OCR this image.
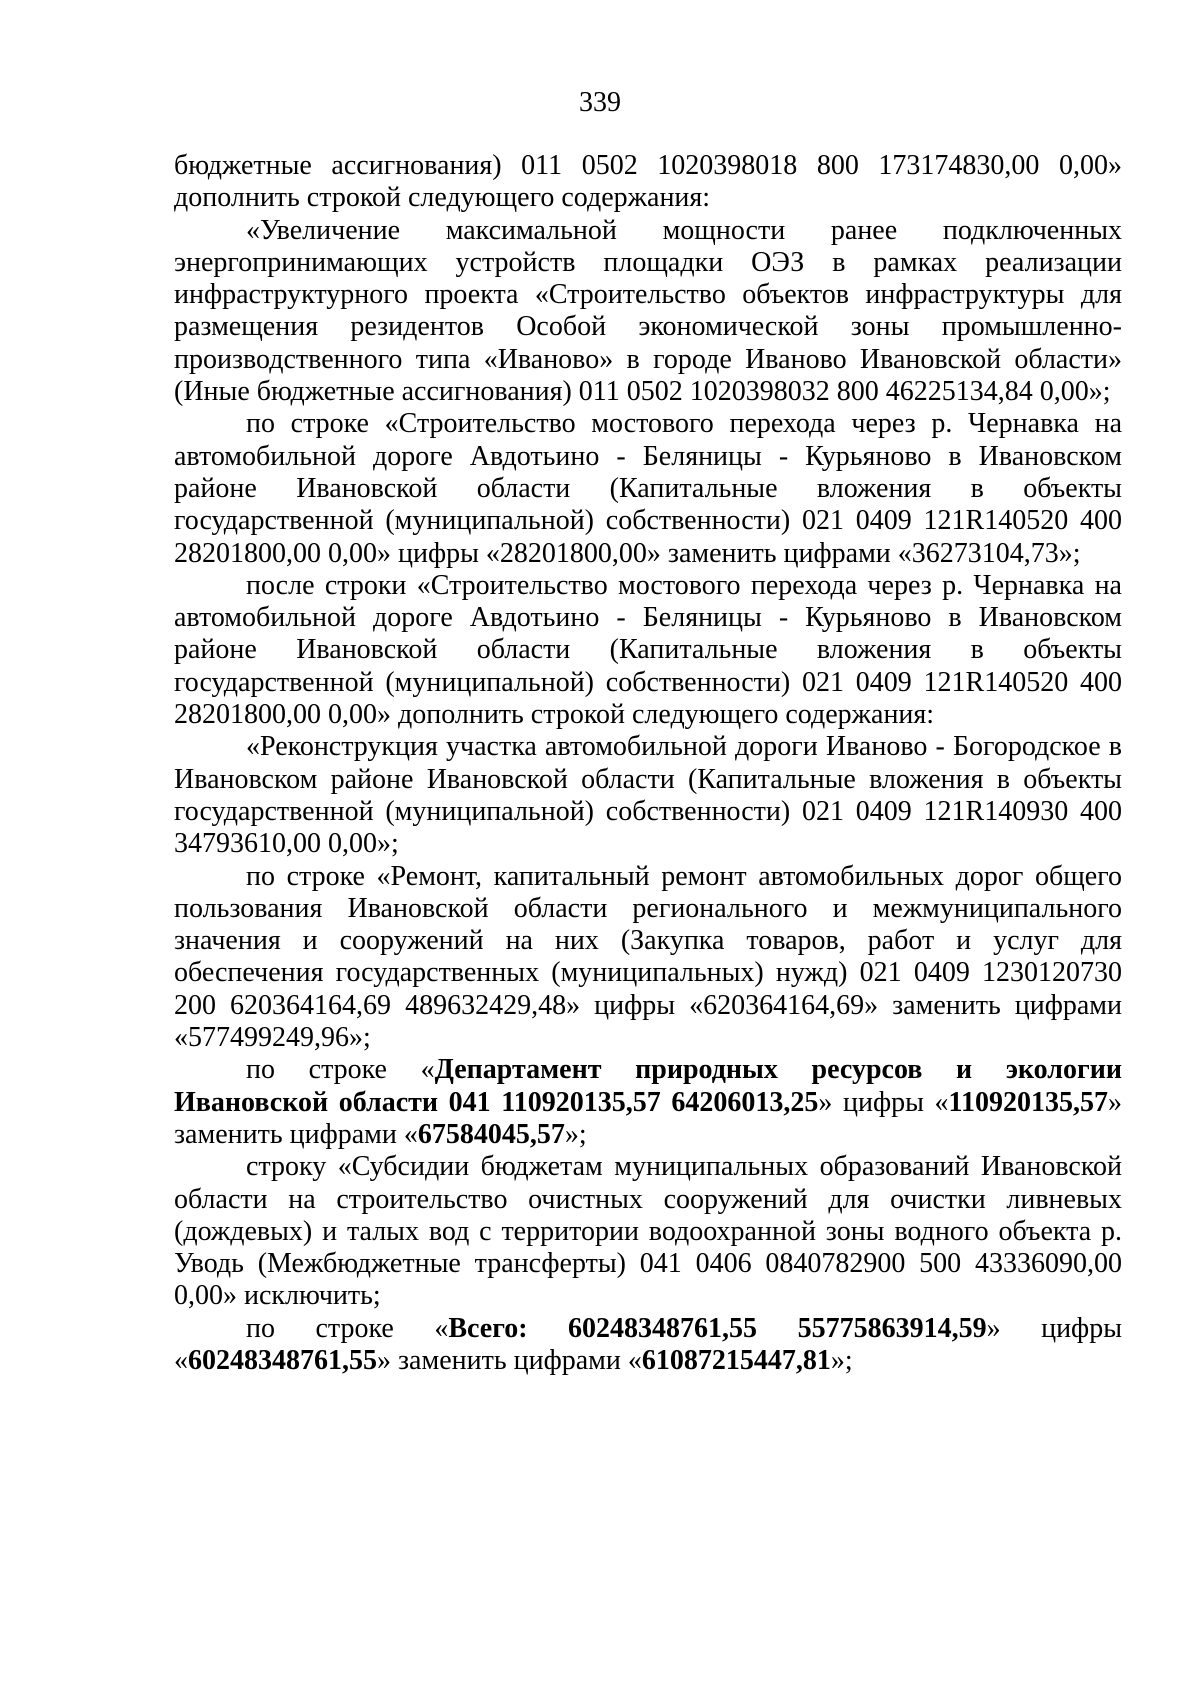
339

бюджетные ассигнования) 011 0502 1020398018 800 173174830,00 0,00» дополнить строкой следующего содержания:

«Увеличение максимальной мощности ранее подключенных энергопринимающих устройств площадки ОЭЗ в рамках реализации инфраструктурного проекта «Строительство объектов инфраструктуры для размещения резидентов Особой экономической зоны промышленно-производственного типа «Иваново» в городе Иваново Ивановской области» (Иные бюджетные ассигнования) 011 0502 1020398032 800 46225134,84 0,00»;

по строке «Строительство мостового перехода через р. Чернавка на автомобильной дороге Авдотьино - Беляницы - Курьяново в Ивановском районе Ивановской области (Капитальные вложения в объекты государственной (муниципальной) собственности) 021 0409 121R140520 400 28201800,00 0,00» цифры «28201800,00» заменить цифрами «36273104,73»;

после строки «Строительство мостового перехода через р. Чернавка на автомобильной дороге Авдотьино - Беляницы - Курьяново в Ивановском районе Ивановской области (Капитальные вложения в объекты государственной (муниципальной) собственности) 021 0409 121R140520 400 28201800,00 0,00» дополнить строкой следующего содержания:

«Реконструкция участка автомобильной дороги Иваново - Богородское в Ивановском районе Ивановской области (Капитальные вложения в объекты государственной (муниципальной) собственности) 021 0409 121R140930 400 34793610,00 0,00»;

по строке «Ремонт, капитальный ремонт автомобильных дорог общего пользования Ивановской области регионального и межмуниципального значения и сооружений на них (Закупка товаров, работ и услуг для обеспечения государственных (муниципальных) нужд) 021 0409 1230120730 200 620364164,69 489632429,48» цифры «620364164,69» заменить цифрами «577499249,96»;

по строке «Департамент природных ресурсов и экологии Ивановской области 041 110920135,57 64206013,25» цифры «110920135,57» заменить цифрами «67584045,57»;

строку «Субсидии бюджетам муниципальных образований Ивановской области на строительство очистных сооружений для очистки ливневых (дождевых) и талых вод с территории водоохранной зоны водного объекта р. Уводь (Межбюджетные трансферты) 041 0406 0840782900 500 43336090,00 0,00» исключить;

по строке «Всего: 60248348761,55 55775863914,59» цифры «60248348761,55» заменить цифрами «61087215447,81»;
